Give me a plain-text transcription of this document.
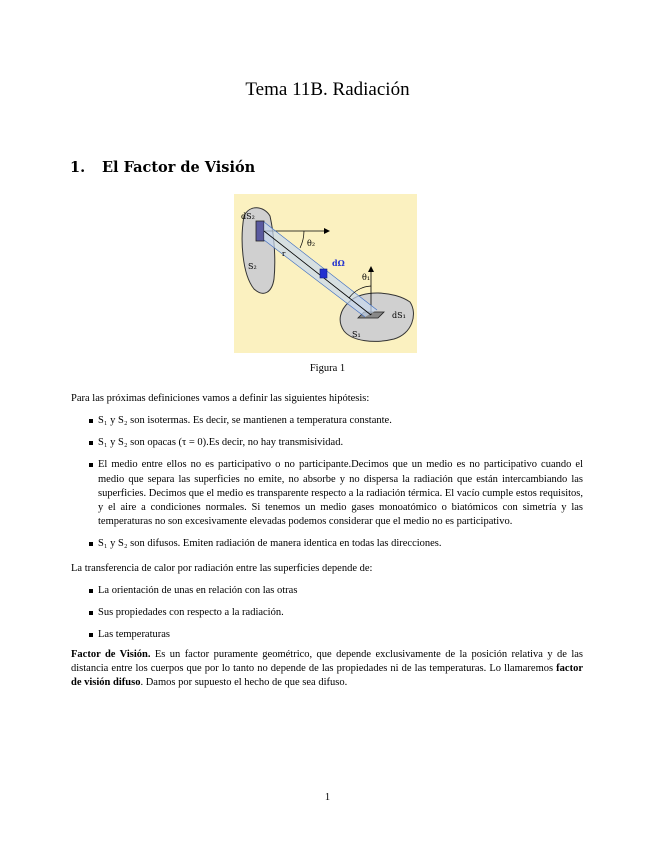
Tema 11B. Radiación
1. El Factor de Visión
dS₂
θ₂
S₂
r
dΩ
θ₁
dS₁
S₁
Figura 1
Para las próximas definiciones vamos a definir las siguientes hipótesis:
S₁ y S₂ son isotermas. Es decir, se mantienen a temperatura constante.
S₁ y S₂ son opacas (τ = 0).Es decir, no hay transmisividad.
El medio entre ellos no es participativo o no participante.Decimos que un medio es no participativo cuando el medio que separa las superficies no emite, no absorbe y no dispersa la radiación que están intercambiando las superficies. Decimos que el medio es transparente respecto a la radiación térmica. El vacío cumple estos requisitos, y el aire a condiciones normales. Si tenemos un medio gases monoatómico o biatómicos con simetría y las temperaturas no son excesivamente elevadas podemos considerar que el medio no es participativo.
S₁ y S₂ son difusos. Emiten radiación de manera identica en todas las direcciones.
La transferencia de calor por radiación entre las superficies depende de:
La orientación de unas en relación con las otras
Sus propiedades con respecto a la radiación.
Las temperaturas
Factor de Visión. Es un factor puramente geométrico, que depende exclusivamente de la posición relativa y de las distancia entre los cuerpos que por lo tanto no depende de las propiedades ni de las temperaturas. Lo llamaremos factor de visión difuso. Damos por supuesto el hecho de que sea difuso.
1
